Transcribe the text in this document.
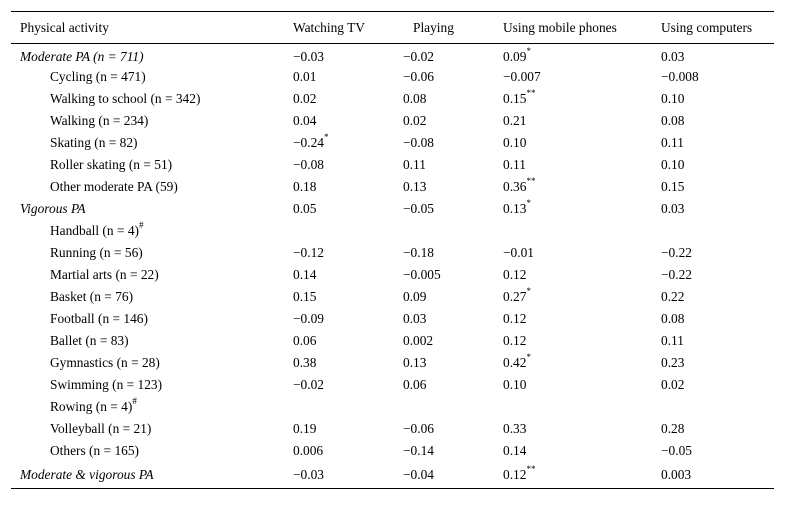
Physical activity	Watching TV	Playing	Using mobile phones	Using computers
Moderate PA (n = 711)	−0.03	−0.02	0.09*	0.03
Cycling (n = 471)	0.01	−0.06	−0.007	−0.008
Walking to school (n = 342)	0.02	0.08	0.15**	0.10
Walking (n = 234)	0.04	0.02	0.21	0.08
Skating (n = 82)	−0.24*	−0.08	0.10	0.11
Roller skating (n = 51)	−0.08	0.11	0.11	0.10
Other moderate PA (59)	0.18	0.13	0.36**	0.15
Vigorous PA	0.05	−0.05	0.13*	0.03
Handball (n = 4)#				
Running (n = 56)	−0.12	−0.18	−0.01	−0.22
Martial arts (n = 22)	0.14	−0.005	0.12	−0.22
Basket (n = 76)	0.15	0.09	0.27*	0.22
Football (n = 146)	−0.09	0.03	0.12	0.08
Ballet (n = 83)	0.06	0.002	0.12	0.11
Gymnastics (n = 28)	0.38	0.13	0.42*	0.23
Swimming (n = 123)	−0.02	0.06	0.10	0.02
Rowing (n = 4)#				
Volleyball (n = 21)	0.19	−0.06	0.33	0.28
Others (n = 165)	0.006	−0.14	0.14	−0.05
Moderate & vigorous PA	−0.03	−0.04	0.12**	0.003
